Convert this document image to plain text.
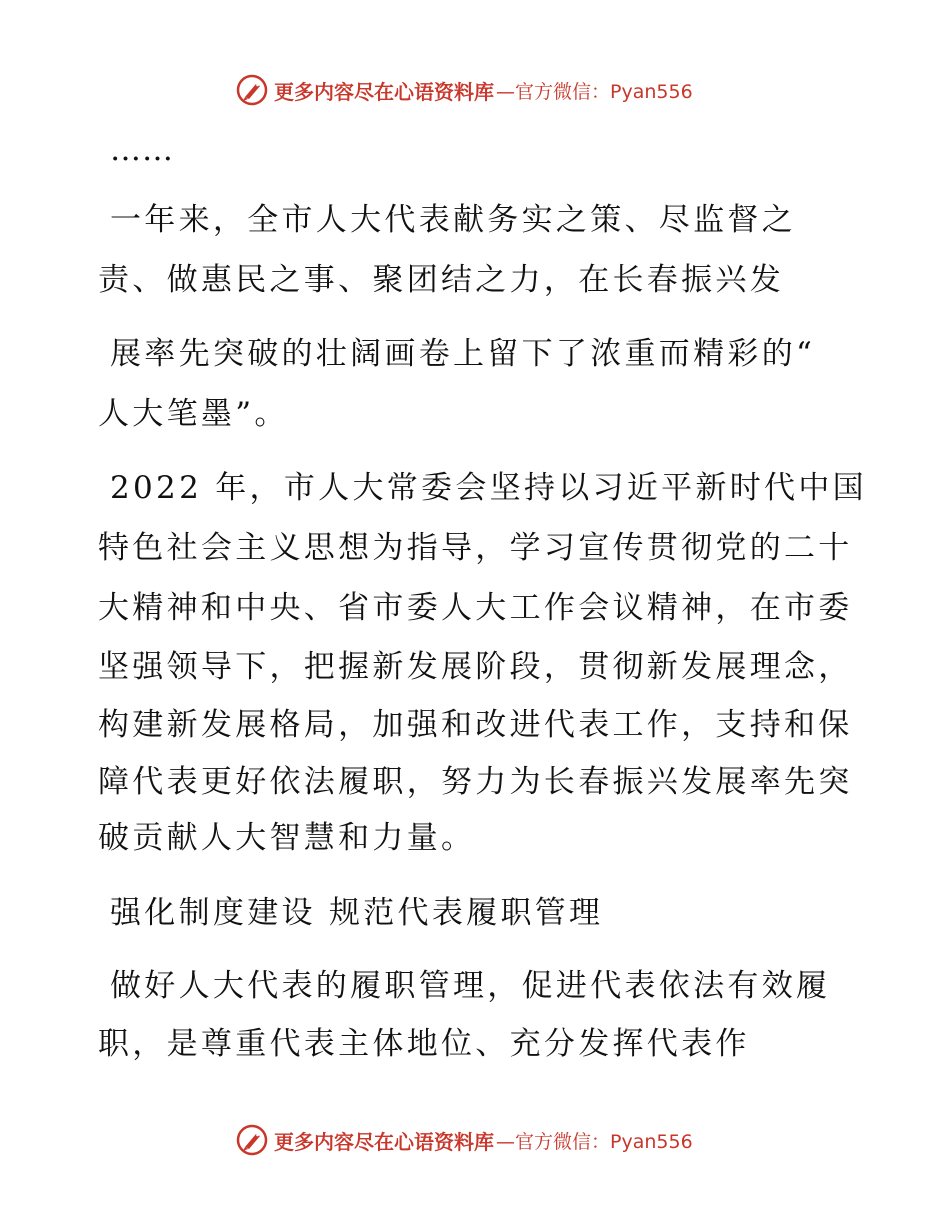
更多内容尽在心语资料库 —官方微信：Pyan556
……
一年来，全市人大代表献务实之策、尽监督之
责、做惠民之事、聚团结之力，在长春振兴发
展率先突破的壮阔画卷上留下了浓重而精彩的“
人大笔墨”。
2022 年，市人大常委会坚持以习近平新时代中国
特色社会主义思想为指导，学习宣传贯彻党的二十
大精神和中央、省市委人大工作会议精神，在市委
坚强领导下，把握新发展阶段，贯彻新发展理念，
构建新发展格局，加强和改进代表工作，支持和保
障代表更好依法履职，努力为长春振兴发展率先突
破贡献人大智慧和力量。
强化制度建设 规范代表履职管理
做好人大代表的履职管理，促进代表依法有效履
职，是尊重代表主体地位、充分发挥代表作
更多内容尽在心语资料库 —官方微信：Pyan556
